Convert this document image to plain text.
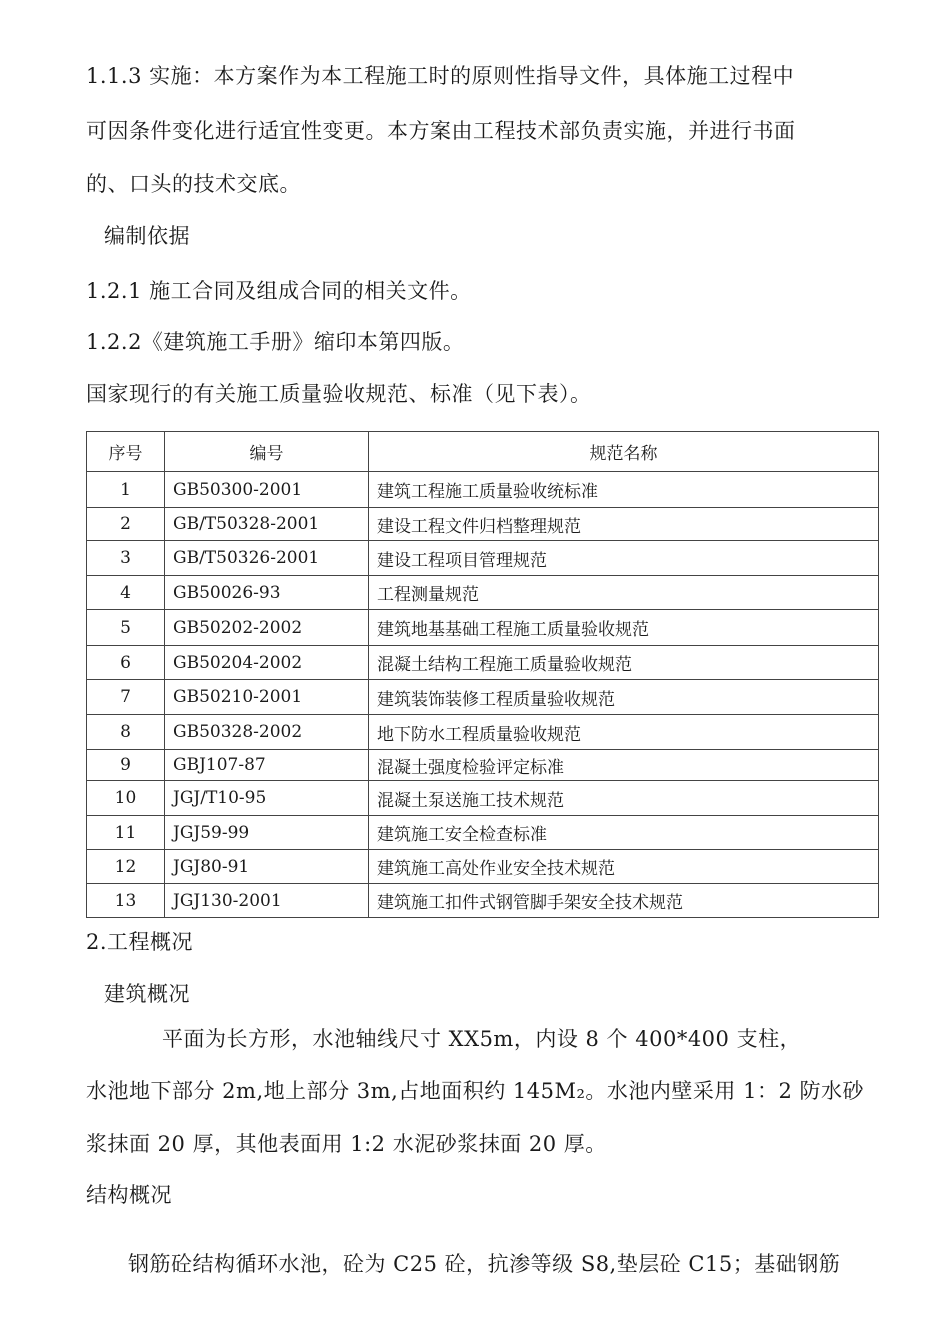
1.1.3 实施：本方案作为本工程施工时的原则性指导文件，具体施工过程中
可因条件变化进行适宜性变更。本方案由工程技术部负责实施，并进行书面
的、口头的技术交底。
编制依据
1.2.1 施工合同及组成合同的相关文件。
1.2.2《建筑施工手册》缩印本第四版。
国家现行的有关施工质量验收规范、标准（见下表）。
序号	编号	规范名称
1	GB50300-2001	建筑工程施工质量验收统标准
2	GB/T50328-2001	建设工程文件归档整理规范
3	GB/T50326-2001	建设工程项目管理规范
4	GB50026-93	工程测量规范
5	GB50202-2002	建筑地基基础工程施工质量验收规范
6	GB50204-2002	混凝土结构工程施工质量验收规范
7	GB50210-2001	建筑装饰装修工程质量验收规范
8	GB50328-2002	地下防水工程质量验收规范
9	GBJ107-87	混凝土强度检验评定标准
10	JGJ/T10-95	混凝土泵送施工技术规范
11	JGJ59-99	建筑施工安全检查标准
12	JGJ80-91	建筑施工高处作业安全技术规范
13	JGJ130-2001	建筑施工扣件式钢管脚手架安全技术规范
2.工程概况
建筑概况
平面为长方形，水池轴线尺寸 XX5m，内设 8 个 400*400 支柱，
水池地下部分 2m,地上部分 3m,占地面积约 145M₂。水池内壁采用 1：2 防水砂
浆抹面 20 厚，其他表面用 1:2 水泥砂浆抹面 20 厚。
结构概况
钢筋砼结构循环水池，砼为 C25 砼，抗渗等级 S8,垫层砼 C15；基础钢筋
